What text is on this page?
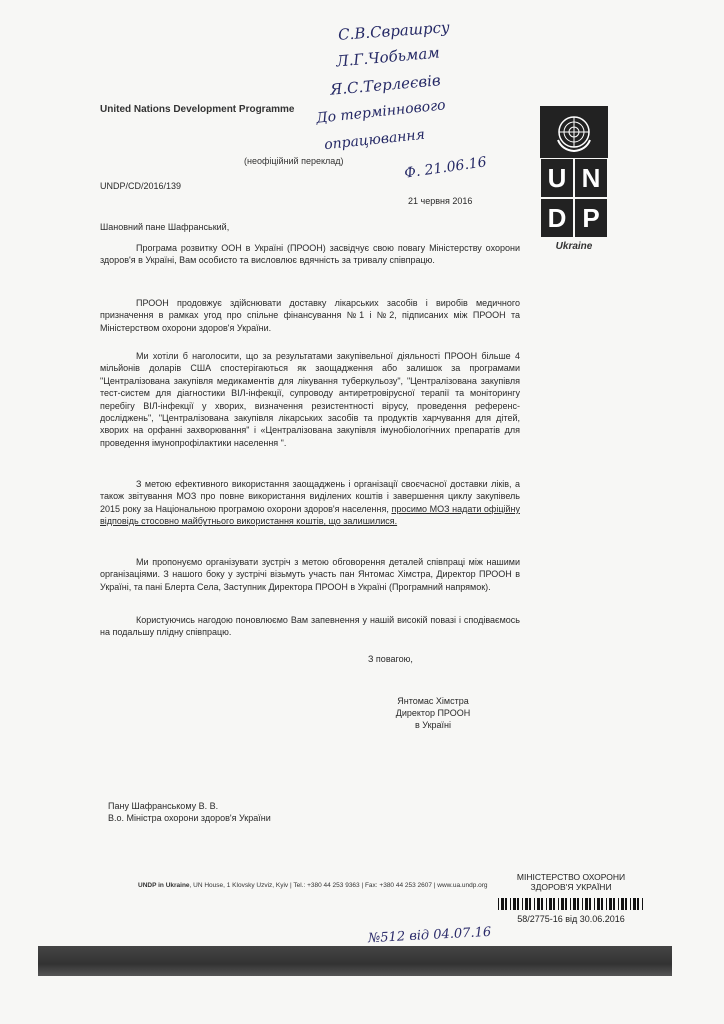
С.В.Сврашрсу
Л.Г.Чобьмам
Я.С.Терлеєвів
До терміннового
опрацювання
Ф. 21.06.16
United Nations Development Programme
U N
D P
Ukraine
(неофіційний переклад)
UNDP/CD/2016/139
21 червня 2016
Шановний пане Шафранський,

Програма розвитку ООН в Україні (ПРООН) засвідчує свою повагу Міністерству охорони здоров'я в Україні, Вам особисто та висловлює вдячність за тривалу співпрацю.

ПРООН продовжує здійснювати доставку лікарських засобів і виробів медичного призначення в рамках угод про спільне фінансування №1 і №2, підписаних між ПРООН та Міністерством охорони здоров'я України.

Ми хотіли б наголосити, що за результатами закупівельної діяльності ПРООН більше 4 мільйонів доларів США спостерігаються як заощадження або залишок за програмами "Централізована закупівля медикаментів для лікування туберкульозу", "Централізована закупівля тест-систем для діагностики ВІЛ-інфекції, супроводу антиретровірусної терапії та моніторингу перебігу ВІЛ-інфекції у хворих, визначення резистентності вірусу, проведення референс-досліджень", "Централізована закупівля лікарських засобів та продуктів харчування для дітей, хворих на орфанні захворювання" і «Централізована закупівля імунобіологічних препаратів для проведення імунопрофілактики населення ".

З метою ефективного використання заощаджень і організації своєчасної доставки ліків, а також звітування МОЗ про повне використання виділених коштів і завершення циклу закупівель 2015 року за Національною програмою охорони здоров'я населення, просимо МОЗ надати офіційну відповідь стосовно майбутнього використання коштів, що залишилися.

Ми пропонуємо організувати зустріч з метою обговорення деталей співпраці між нашими організаціями. З нашого боку у зустрічі візьмуть участь пан Янтомас Хімстра, Директор ПРООН в Україні, та пані Блерта Села, Заступник Директора ПРООН в Україні (Програмний напрямок).

Користуючись нагодою поновлюємо Вам запевнення у нашій високій повазі і сподіваємось на подальшу плідну співпрацю.

З повагою,
Янтомас Хімстра
Директор ПРООН
в Україні
Пану Шафранському В. В.
В.о. Міністра охорони здоров'я України
UNDP in Ukraine, UN House, 1 Klovsky Uzviz, Kyiv | Tel.: +380 44 253 9363 | Fax: +380 44 253 2607 | www.ua.undp.org
МІНІСТЕРСТВО ОХОРОНИ
ЗДОРОВ'Я УКРАЇНИ
58/2775-16 від 30.06.2016
№512 від 04.07.16
